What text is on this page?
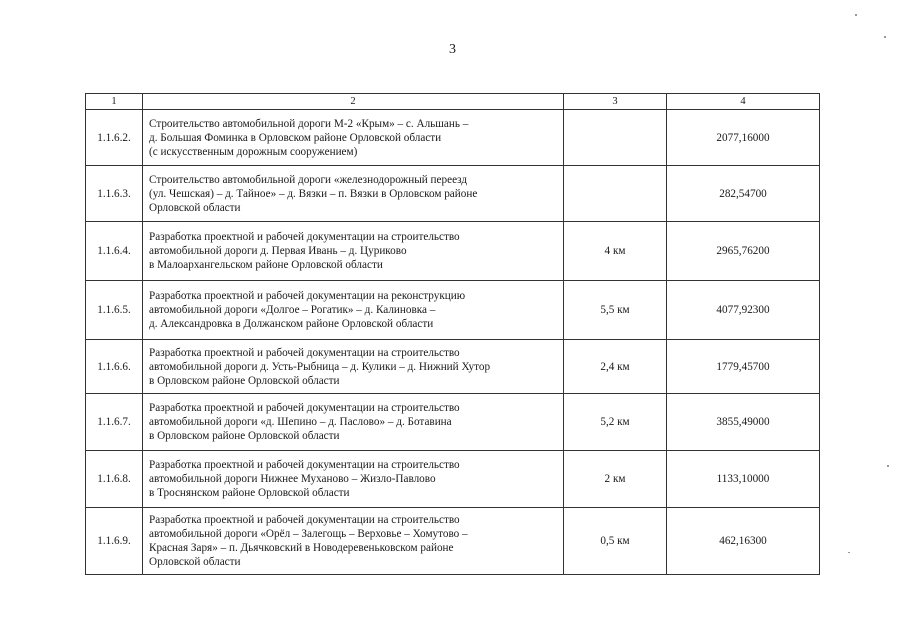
3
1	2	3	4
1.1.6.2.	Строительство автомобильной дороги М-2 «Крым» – с. Альшань –
д. Большая Фоминка в Орловском районе Орловской области
(с искусственным дорожным сооружением)		2077,16000
1.1.6.3.	Строительство автомобильной дороги «железнодорожный переезд
(ул. Чешская) – д. Тайное» – д. Вязки – п. Вязки в Орловском районе
Орловской области		282,54700
1.1.6.4.	Разработка проектной и рабочей документации на строительство
автомобильной дороги д. Первая Ивань – д. Цуриково
в Малоархангельском районе Орловской области	4 км	2965,76200
1.1.6.5.	Разработка проектной и рабочей документации на реконструкцию
автомобильной дороги «Долгое – Рогатик» – д. Калиновка –
д. Александровка в Должанском районе Орловской области	5,5 км	4077,92300
1.1.6.6.	Разработка проектной и рабочей документации на строительство
автомобильной дороги д. Усть-Рыбница – д. Кулики – д. Нижний Хутор
в Орловском районе Орловской области	2,4 км	1779,45700
1.1.6.7.	Разработка проектной и рабочей документации на строительство
автомобильной дороги «д. Шепино – д. Паслово» – д. Ботавина
в Орловском районе Орловской области	5,2 км	3855,49000
1.1.6.8.	Разработка проектной и рабочей документации на строительство
автомобильной дороги Нижнее Муханово – Жизло-Павлово
в Троснянском районе Орловской области	2 км	1133,10000
1.1.6.9.	Разработка проектной и рабочей документации на строительство
автомобильной дороги «Орёл – Залегощь – Верховье – Хомутово –
Красная Заря» – п. Дьячковский в Новодеревеньковском районе
Орловской области	0,5 км	462,16300
